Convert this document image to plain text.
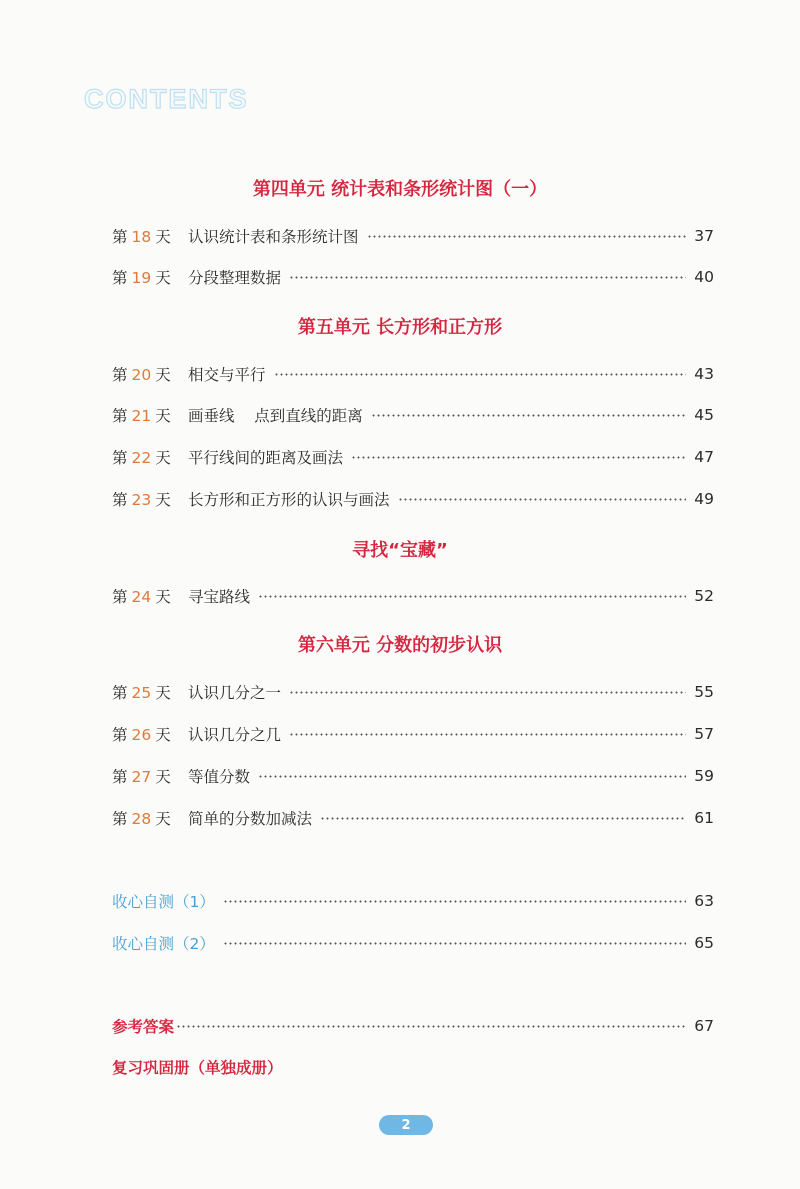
CONTENTS
第四单元 统计表和条形统计图（一）
第 18 天	认识统计表和条形统计图	37
第 19 天	分段整理数据	40
第五单元 长方形和正方形
第 20 天	相交与平行	43
第 21 天	画垂线    点到直线的距离	45
第 22 天	平行线间的距离及画法	47
第 23 天	长方形和正方形的认识与画法	49
寻找“宝藏”
第 24 天	寻宝路线	52
第六单元 分数的初步认识
第 25 天	认识几分之一	55
第 26 天	认识几分之几	57
第 27 天	等值分数	59
第 28 天	简单的分数加减法	61
收心自测（1）	63
收心自测（2）	65
参考答案	67
复习巩固册（单独成册）
2
